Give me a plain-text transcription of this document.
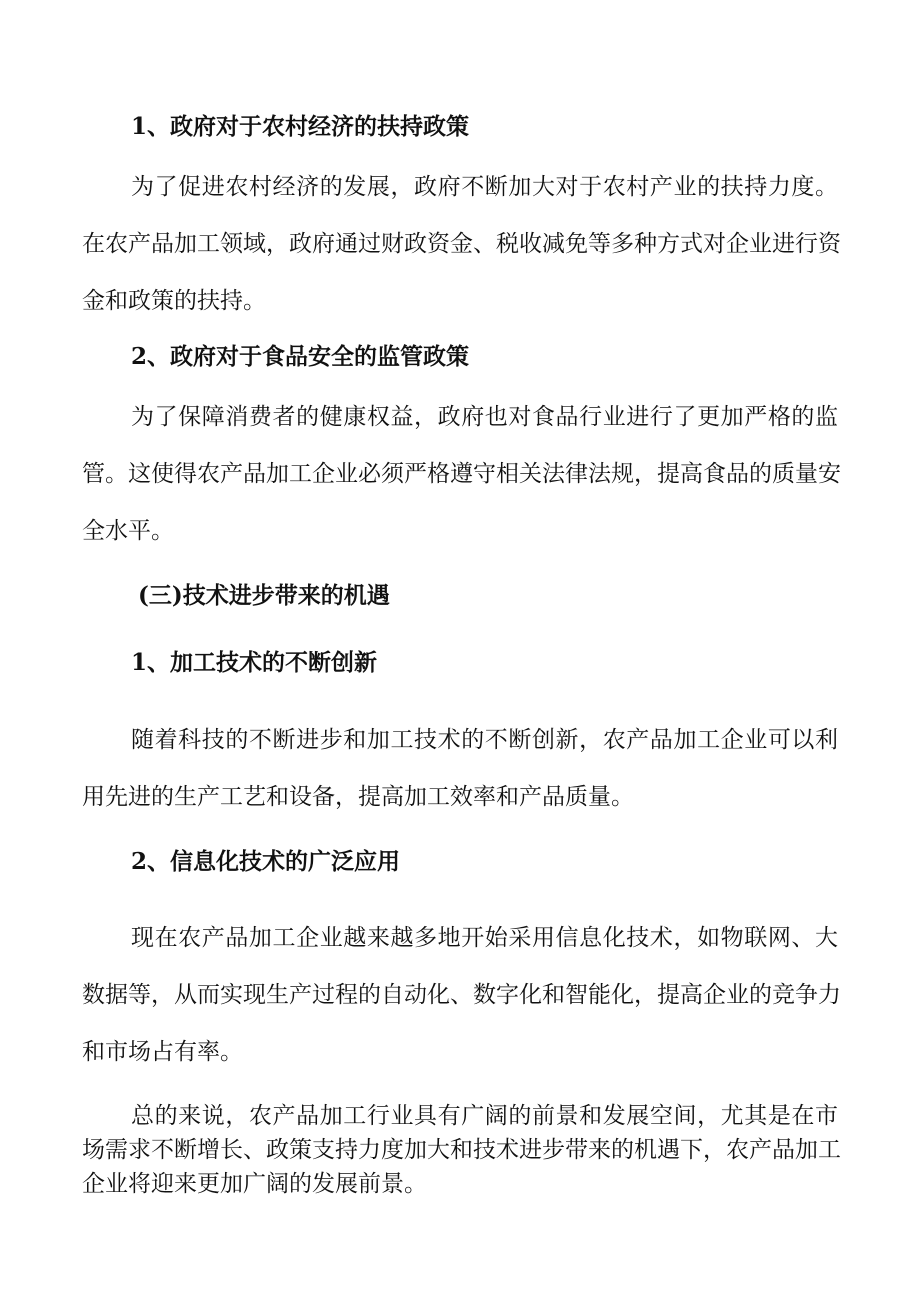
1、政府对于农村经济的扶持政策

为了促进农村经济的发展，政府不断加大对于农村产业的扶持力度。
在农产品加工领域，政府通过财政资金、税收减免等多种方式对企业进行资
金和政策的扶持。

2、政府对于食品安全的监管政策

为了保障消费者的健康权益，政府也对食品行业进行了更加严格的监
管。这使得农产品加工企业必须严格遵守相关法律法规，提高食品的质量安
全水平。

(三)技术进步带来的机遇
1、加工技术的不断创新

随着科技的不断进步和加工技术的不断创新，农产品加工企业可以利
用先进的生产工艺和设备，提高加工效率和产品质量。

2、信息化技术的广泛应用

现在农产品加工企业越来越多地开始采用信息化技术，如物联网、大
数据等，从而实现生产过程的自动化、数字化和智能化，提高企业的竞争力
和市场占有率。

总的来说，农产品加工行业具有广阔的前景和发展空间，尤其是在市
场需求不断增长、政策支持力度加大和技术进步带来的机遇下，农产品加工
企业将迎来更加广阔的发展前景。
